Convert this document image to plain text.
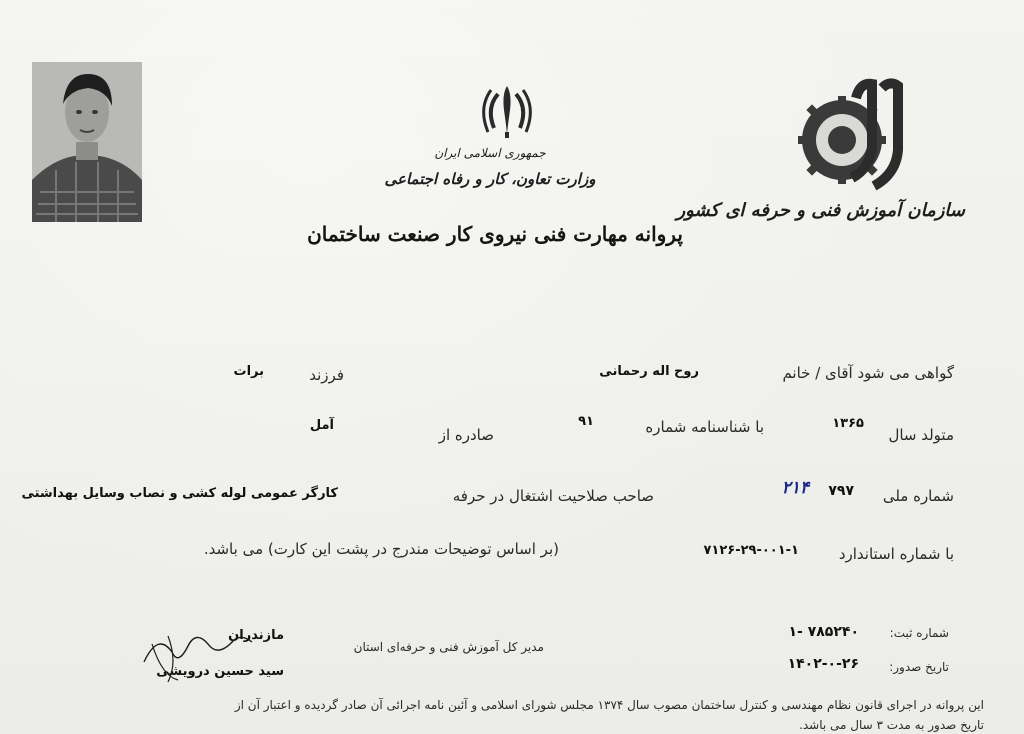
جمهوری اسلامی ایران
وزارت تعاون، کار و رفاه اجتماعی
سازمان آموزش فنی و حرفه ای کشور
پروانه مهارت فنی نیروی کار صنعت ساختمان
گواهی می شود آقای / خانم
روح اله رحمانی
فرزند
برات
متولد سال
۱۳۶۵
با شناسنامه شماره
۹۱
صادره از
آمل
شماره ملی
۷۹۷
۲۱۴
صاحب صلاحیت اشتغال در حرفه
کارگر عمومی لوله کشی و نصاب وسایل بهداشتی
با شماره استاندارد
۷۱۲۶-۲۹-۰۰۱-۱
(بر اساس توضیحات مندرج در پشت این کارت) می باشد.
شماره ثبت:
۷۸۵۲۴۰ -۱
تاریخ صدور:
۱۴۰۲-۰-۲۶
مدیر کل آموزش فنی و حرفه‌ای استان
مازندران
سید حسین درویشی
این پروانه در اجرای قانون نظام مهندسی و کنترل ساختمان مصوب سال ۱۳۷۴ مجلس شورای اسلامی و آئین نامه اجرائی آن صادر گردیده و اعتبار آن از
تاریخ صدور به مدت ۳ سال می باشد.
